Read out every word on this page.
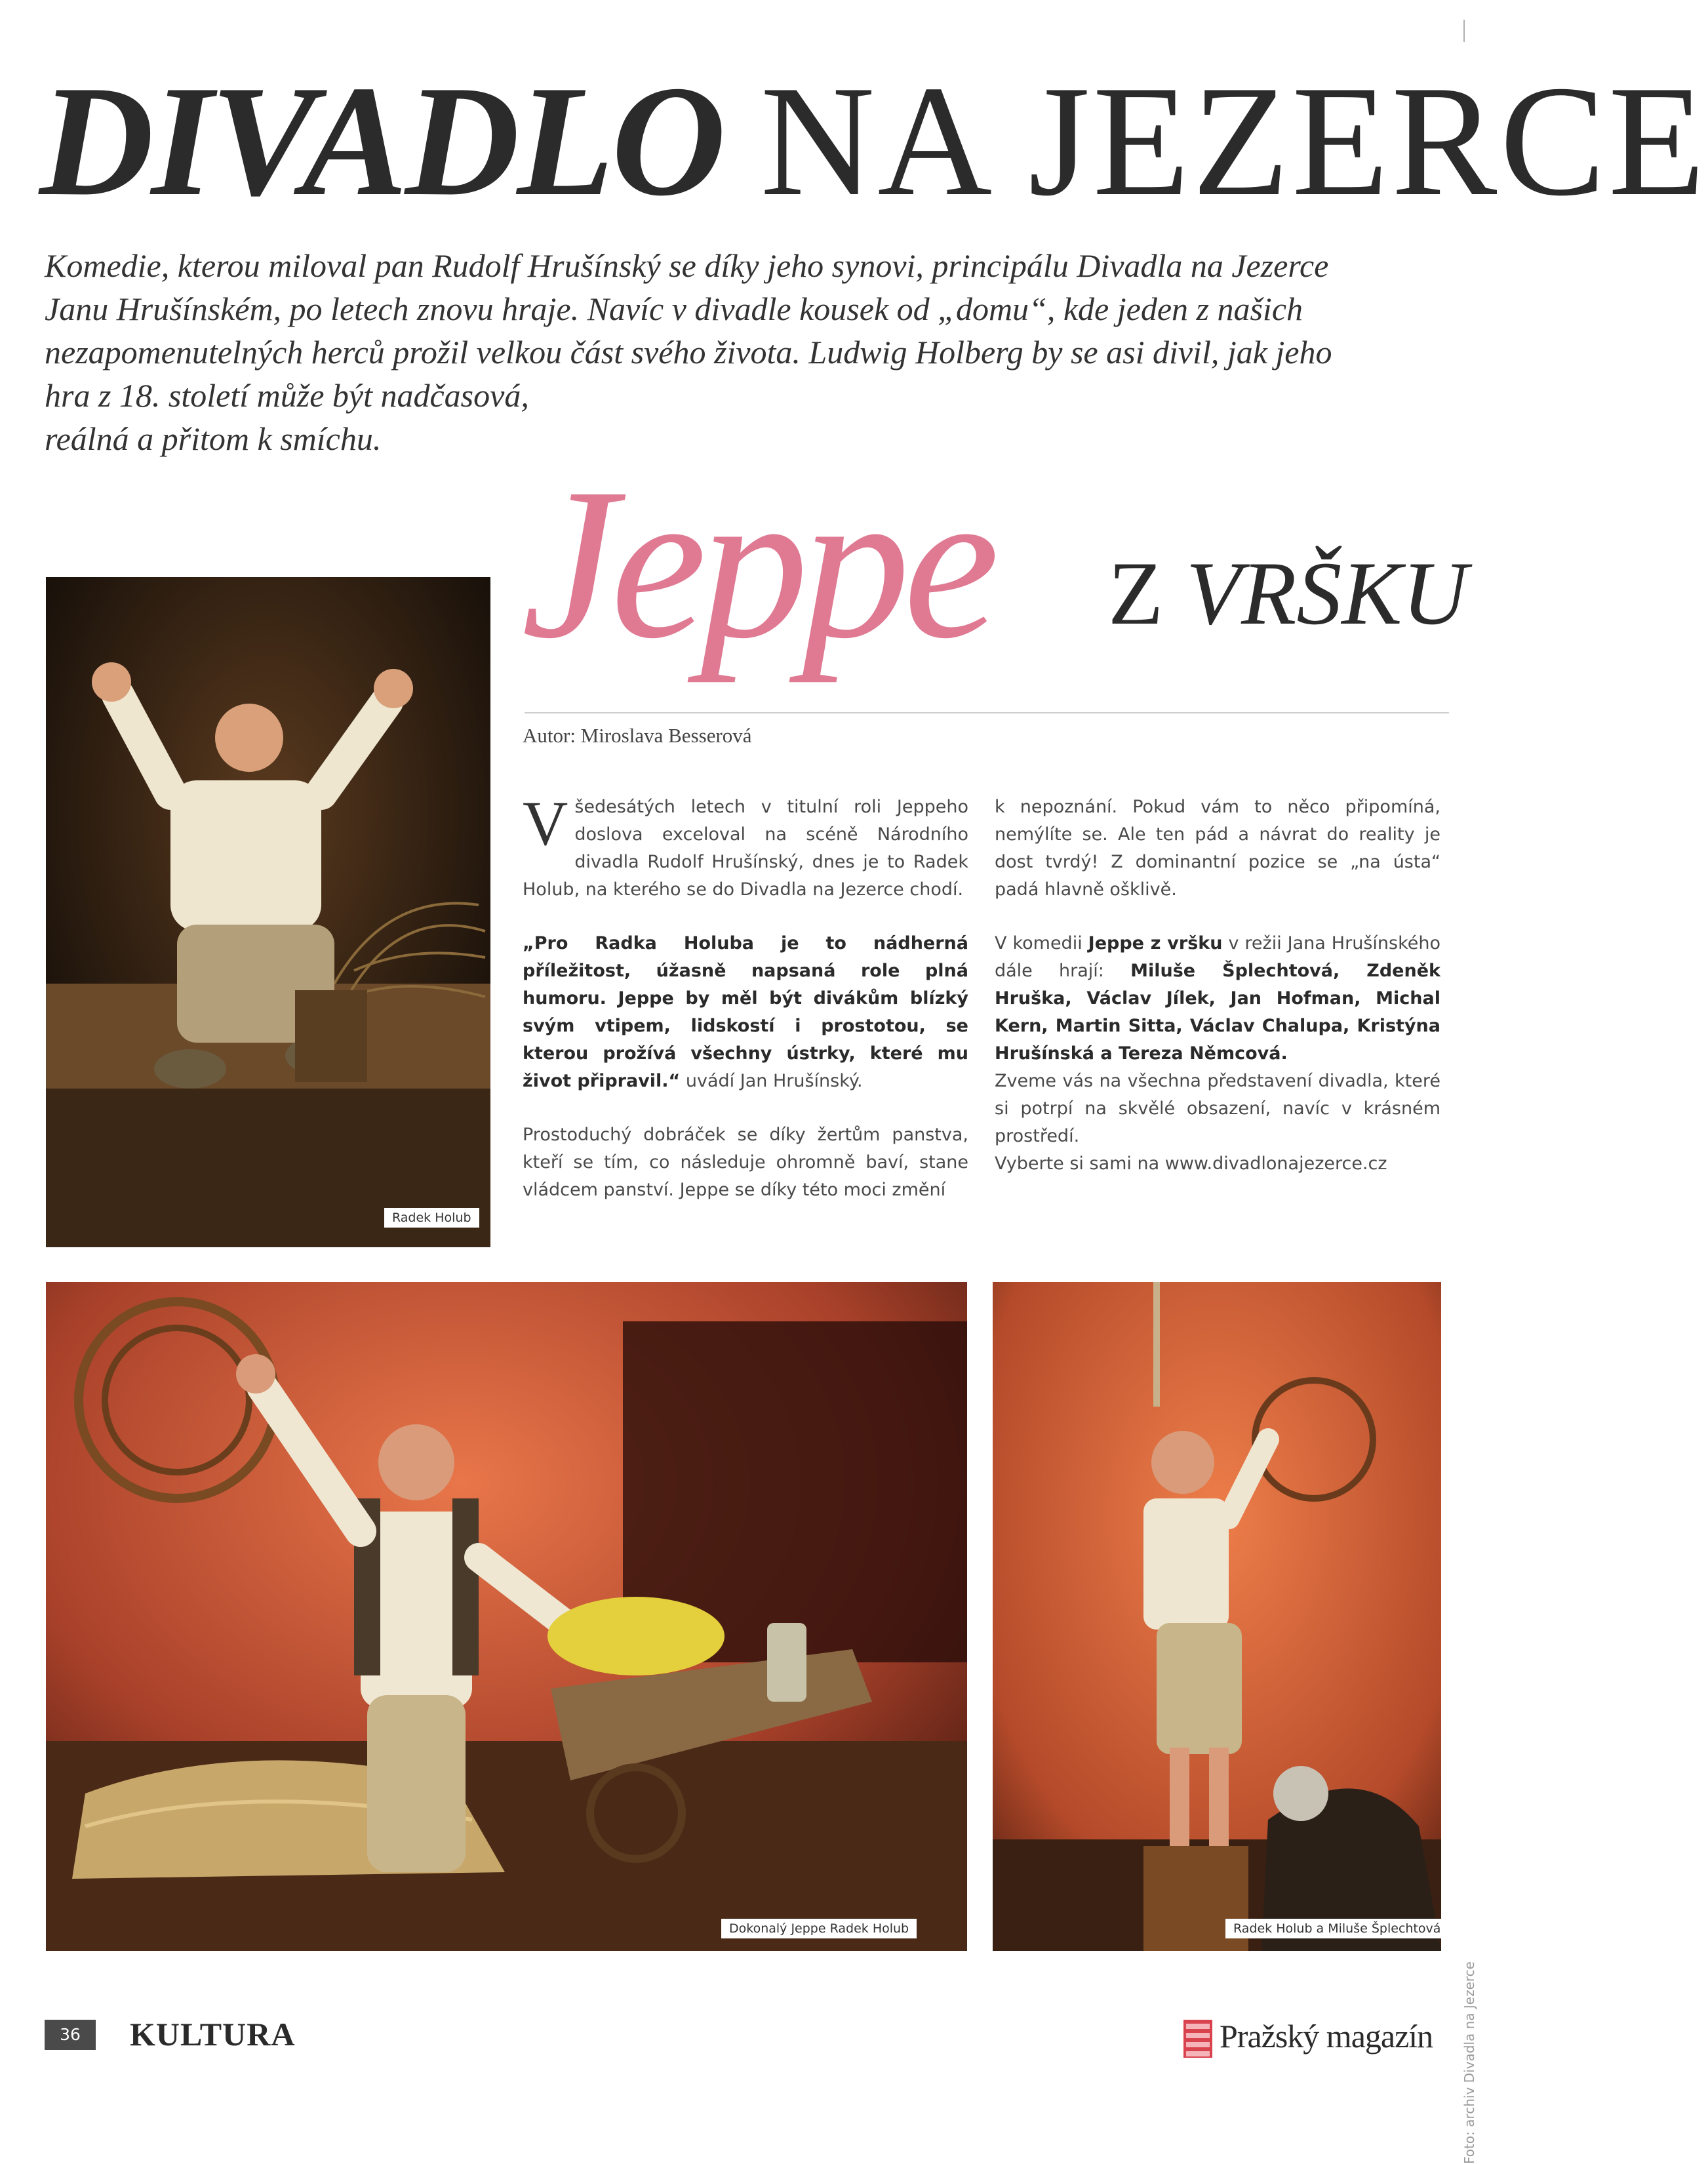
DIVADLO NA JEZERCE

Komedie, kterou miloval pan Rudolf Hrušínský se díky jeho synovi, principálu Divadla na Jezerce

Janu Hrušínském, po letech znovu hraje. Navíc v divadle kousek od „domu“, kde jeden z našich

nezapomenutelných herců prožil velkou část svého života. Ludwig Holberg by se asi divil, jak jeho

hra z 18. století může být nadčasová,

reálná a přitom k smíchu.

Jeppe	Z VRŠKU
Autor: Miroslava Besserová
Radek Holub

Všedesátých letech v titulní roli Jeppeho doslova exceloval na scéně Národního divadla Rudolf Hrušínský, dnes je to Radek Holub, na kterého se do Divadla na Jezerce chodí.

„Pro Radka Holuba je to nádherná příležitost, úžasně napsaná role plná humoru. Jeppe by měl být divákům blízký svým vtipem, lidskostí i prostotou, se kterou prožívá všechny ústrky, které mu život připravil.“ uvádí Jan Hrušínský.

Prostoduchý dobráček se díky žertům panstva, kteří se tím, co následuje ohromně baví, stane vládcem panství. Jeppe se díky této moci změní

k nepoznání. Pokud vám to něco připomíná, nemýlíte se. Ale ten pád a návrat do reality je dost tvrdý! Z dominantní pozice se „na ústa“ padá hlavně ošklivě.

V komedii Jeppe z vršku v režii Jana Hrušínského dále hrají: Miluše Šplechtová, Zdeněk Hruška, Václav Jílek, Jan Hofman, Michal Kern, Martin Sitta, Václav Chalupa, Kristýna Hrušínská a Tereza Němcová.

Zveme vás na všechna představení divadla, které si potrpí na skvělé obsazení, navíc v krásném prostředí.

Vyberte si sami na www.divadlonajezerce.cz

Dokonalý Jeppe Radek Holub	Radek Holub a Miluše Šplechtová
36	KULTURA	Pražský magazín	Foto: archiv Divadla na Jezerce
